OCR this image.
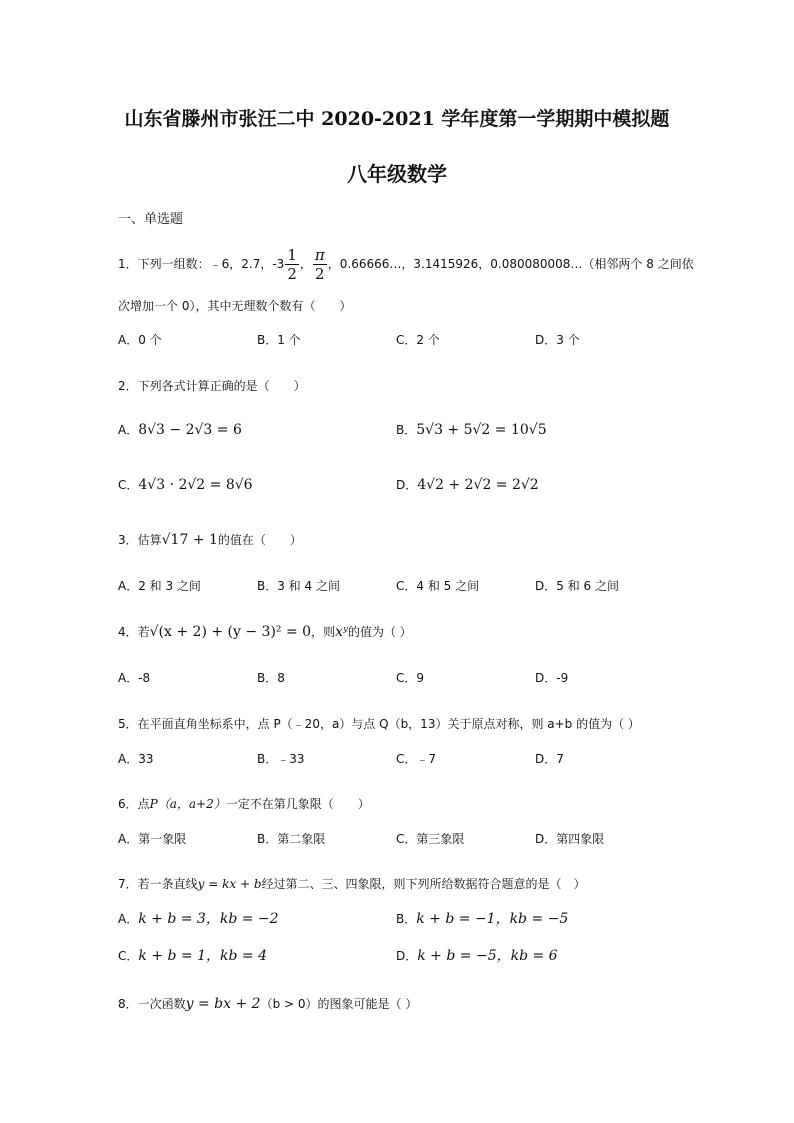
山东省滕州市张汪二中 2020-2021 学年度第一学期期中模拟题
八年级数学
一、单选题
1．下列一组数：﹣6，2.7，$-3 \frac{1}{2}$ ， $\frac{\pi}{2}$ ，0.66666…，3.1415926，0.080080008…（相邻两个 8 之间依
次增加一个 0），其中无理数个数有（　　）
A．0 个	B．1 个	C．2 个	D．3 个
2．下列各式计算正确的是（　　）
A．8√3 − 2√3 = 6	B．5√3 + 5√2 = 10√5
C．4√3 · 2√2 = 8√6	D．4√2 + 2√2 = 2√2
3．估算√17 + 1的值在（　　）
A．2 和 3 之间	B．3 和 4 之间	C．4 和 5 之间	D．5 和 6 之间
4．若√(x + 2) + (y − 3)² = 0，则xʸ的值为（ ）
A．-8	B．8	C．9	D．-9
5．在平面直角坐标系中，点 P（﹣20，a）与点 Q（b，13）关于原点对称，则 a+b 的值为（ ）
A．33	B．﹣33	C．﹣7	D．7
6．点P（a，a+2）一定不在第几象限（　　）
A．第一象限	B．第二象限	C．第三象限	D．第四象限
7．若一条直线y = kx + b经过第二、三、四象限，则下列所给数据符合题意的是（　）
A．k + b = 3，kb = −2	B．k + b = −1，kb = −5
C．k + b = 1，kb = 4	D．k + b = −5，kb = 6
8．一次函数y = bx + 2（b > 0）的图象可能是（ ）
